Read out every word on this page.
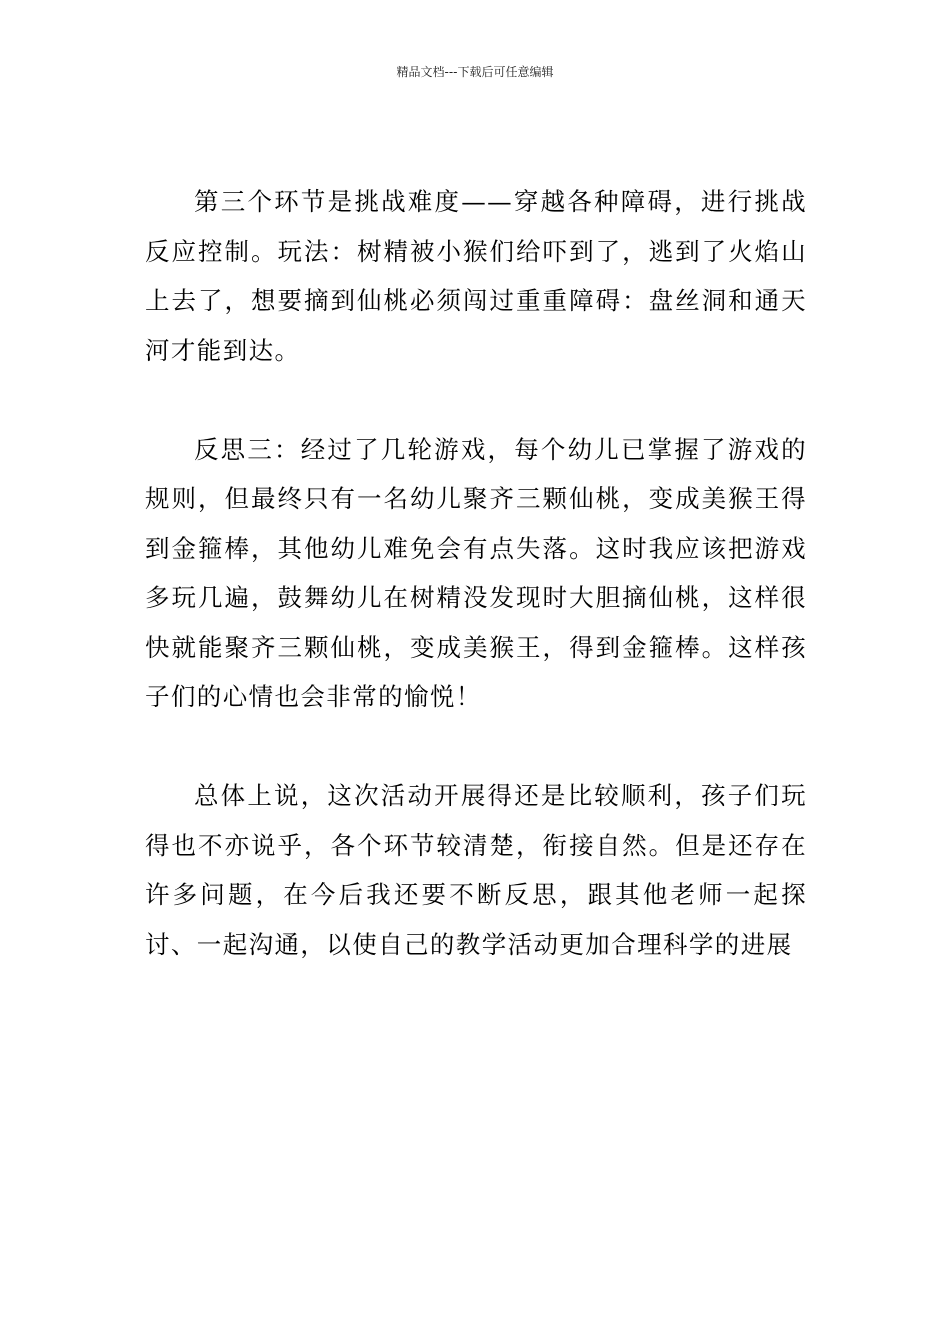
精品文档---下载后可任意编辑

第三个环节是挑战难度——穿越各种障碍，进行挑战反应控制。玩法：树精被小猴们给吓到了，逃到了火焰山上去了，想要摘到仙桃必须闯过重重障碍：盘丝洞和通天河才能到达。

反思三：经过了几轮游戏，每个幼儿已掌握了游戏的规则，但最终只有一名幼儿聚齐三颗仙桃，变成美猴王得到金箍棒，其他幼儿难免会有点失落。这时我应该把游戏多玩几遍，鼓舞幼儿在树精没发现时大胆摘仙桃，这样很快就能聚齐三颗仙桃，变成美猴王，得到金箍棒。这样孩子们的心情也会非常的愉悦！

总体上说，这次活动开展得还是比较顺利，孩子们玩得也不亦说乎，各个环节较清楚，衔接自然。但是还存在许多问题，在今后我还要不断反思，跟其他老师一起探讨、一起沟通，以使自己的教学活动更加合理科学的进展
